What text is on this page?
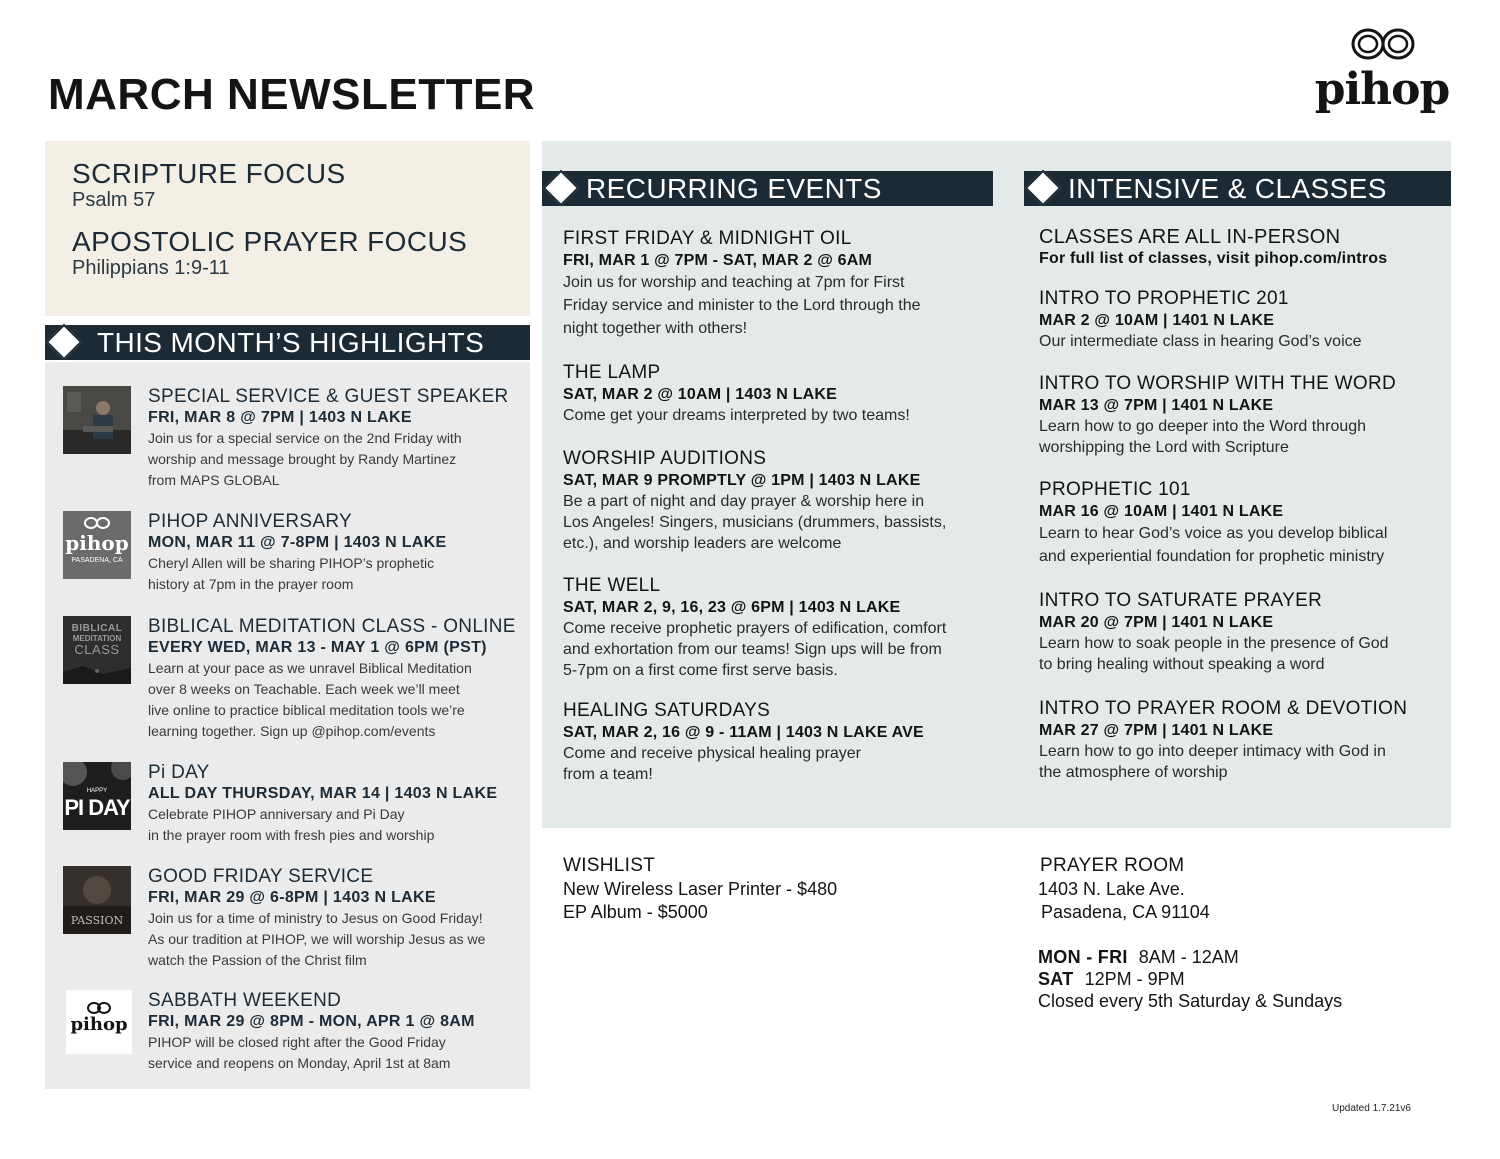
MARCH NEWSLETTER	pihop
SCRIPTURE FOCUS
Psalm 57
APOSTOLIC PRAYER FOCUS
Philippians 1:9-11
THIS MONTH’S HIGHLIGHTS
SPECIAL SERVICE & GUEST SPEAKER
FRI, MAR 8 @ 7PM | 1403 N LAKE
Join us for a special service on the 2nd Friday with
worship and message brought by Randy Martinez
from MAPS GLOBAL
pihop
PASADENA, CA
PIHOP ANNIVERSARY
MON, MAR 11 @ 7-8PM | 1403 N LAKE
Cheryl Allen will be sharing PIHOP’s prophetic
history at 7pm in the prayer room
BIBLICAL
MEDITATION
CLASS
BIBLICAL MEDITATION CLASS - ONLINE
EVERY WED, MAR 13 - MAY 1 @ 6PM (PST)
Learn at your pace as we unravel Biblical Meditation
over 8 weeks on Teachable. Each week we’ll meet
live online to practice biblical meditation tools we’re
learning together. Sign up @pihop.com/events
HAPPY
PI DAY
Pi DAY
ALL DAY THURSDAY, MAR 14 | 1403 N LAKE
Celebrate PIHOP anniversary and Pi Day
in the prayer room with fresh pies and worship
PASSION
GOOD FRIDAY SERVICE
FRI, MAR 29 @ 6-8PM | 1403 N LAKE
Join us for a time of ministry to Jesus on Good Friday!
As our tradition at PIHOP, we will worship Jesus as we
watch the Passion of the Christ film
pihop
SABBATH WEEKEND
FRI, MAR 29 @ 8PM - MON, APR 1 @ 8AM
PIHOP will be closed right after the Good Friday
service and reopens on Monday, April 1st at 8am
RECURRING EVENTS	INTENSIVE & CLASSES
FIRST FRIDAY & MIDNIGHT OIL
FRI, MAR 1 @ 7PM - SAT, MAR 2 @ 6AM
Join us for worship and teaching at 7pm for First
Friday service and minister to the Lord through the
night together with others!
THE LAMP
SAT, MAR 2 @ 10AM | 1403 N LAKE
Come get your dreams interpreted by two teams!
WORSHIP AUDITIONS
SAT, MAR 9 PROMPTLY @ 1PM | 1403 N LAKE
Be a part of night and day prayer & worship here in
Los Angeles! Singers, musicians (drummers, bassists,
etc.), and worship leaders are welcome
THE WELL
SAT, MAR 2, 9, 16, 23 @ 6PM | 1403 N LAKE
Come receive prophetic prayers of edification, comfort
and exhortation from our teams! Sign ups will be from
5-7pm on a first come first serve basis.
HEALING SATURDAYS
SAT, MAR 2, 16 @ 9 - 11AM | 1403 N LAKE AVE
Come and receive physical healing prayer
from a team!
CLASSES ARE ALL IN-PERSON
For full list of classes, visit pihop.com/intros
INTRO TO PROPHETIC 201
MAR 2 @ 10AM | 1401 N LAKE
Our intermediate class in hearing God’s voice
INTRO TO WORSHIP WITH THE WORD
MAR 13 @ 7PM | 1401 N LAKE
Learn how to go deeper into the Word through
worshipping the Lord with Scripture
PROPHETIC 101
MAR 16 @ 10AM | 1401 N LAKE
Learn to hear God’s voice as you develop biblical
and experiential foundation for prophetic ministry
INTRO TO SATURATE PRAYER
MAR 20 @ 7PM | 1401 N LAKE
Learn how to soak people in the presence of God
to bring healing without speaking a word
INTRO TO PRAYER ROOM & DEVOTION
MAR 27 @ 7PM | 1401 N LAKE
Learn how to go into deeper intimacy with God in
the atmosphere of worship
WISHLIST
New Wireless Laser Printer - $480
EP Album - $5000
PRAYER ROOM
1403 N. Lake Ave.
Pasadena, CA 91104
MON - FRI 8AM - 12AM
SAT 12PM - 9PM
Closed every 5th Saturday & Sundays
Updated 1.7.21v6
